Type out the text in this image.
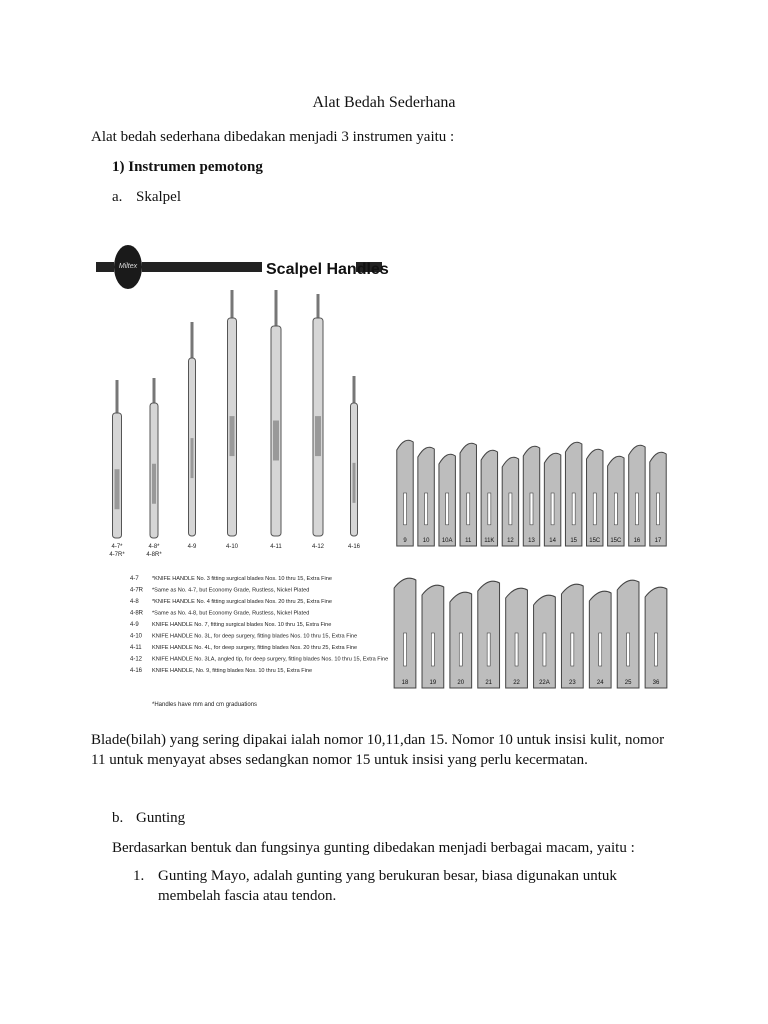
Alat Bedah Sederhana
Alat bedah sederhana dibedakan menjadi 3 instrumen yaitu :
1) Instrumen pemotong
a. Skalpel
Miltex	Scalpel Handles
4-7*
4-7R*
4-8*
4-8R*
4-9	4-10	4-11	4-12	4-16
4-7 *KNIFE HANDLE No. 3 fitting surgical blades Nos. 10 thru 15, Extra Fine
4-7R *Same as No. 4-7, but Economy Grade, Rustless, Nickel Plated
4-8 *KNIFE HANDLE No. 4 fitting surgical blades Nos. 20 thru 25, Extra Fine
4-8R *Same as No. 4-8, but Economy Grade, Rustless, Nickel Plated
4-9 KNIFE HANDLE No. 7, fitting surgical blades Nos. 10 thru 15, Extra Fine
4-10 KNIFE HANDLE No. 3L, for deep surgery, fitting blades Nos. 10 thru 15, Extra Fine
4-11 KNIFE HANDLE No. 4L, for deep surgery, fitting blades Nos. 20 thru 25, Extra Fine
4-12 KNIFE HANDLE No. 3LA, angled tip, for deep surgery, fitting blades Nos. 10 thru 15, Extra Fine
4-16 KNIFE HANDLE, No. 9, fitting blades Nos. 10 thru 15, Extra Fine
*Handles have mm and cm graduations
9	10 10A 11 11K 12 13 14 15 15C 15C 16 17
18	19	20	21	22	22A	23	24	25	36
Blade(bilah) yang sering dipakai ialah nomor 10,11,dan 15. Nomor 10 untuk insisi kulit, nomor 11 untuk menyayat abses sedangkan nomor 15 untuk insisi yang perlu kecermatan.
b. Gunting
Berdasarkan bentuk dan fungsinya gunting dibedakan menjadi berbagai macam, yaitu :
1. Gunting Mayo, adalah gunting yang berukuran besar, biasa digunakan untuk membelah fascia atau tendon.
